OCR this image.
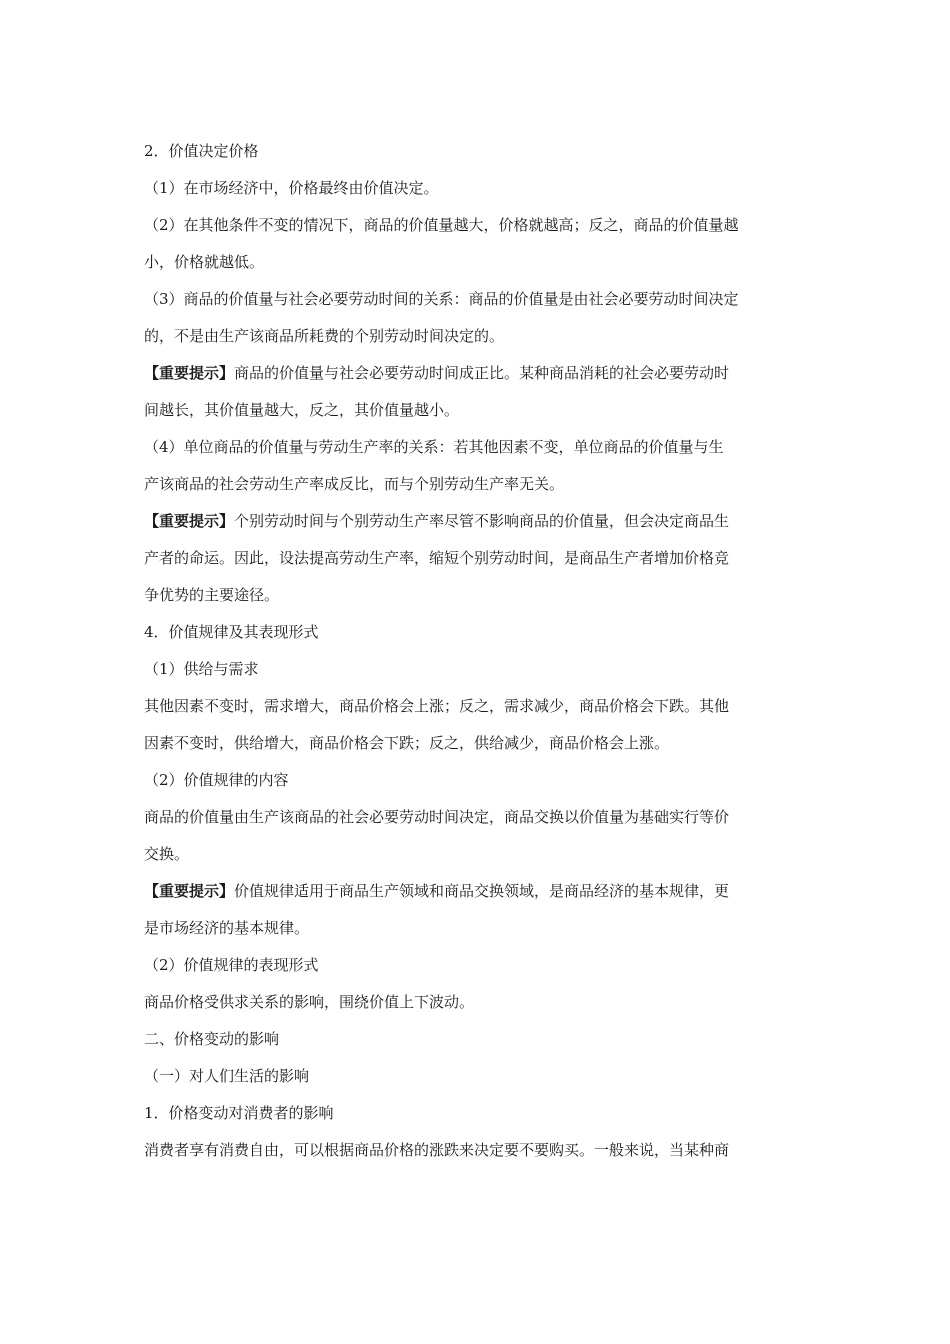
2．价值决定价格

（1）在市场经济中，价格最终由价值决定。

（2）在其他条件不变的情况下，商品的价值量越大，价格就越高；反之，商品的价值量越

小，价格就越低。

（3）商品的价值量与社会必要劳动时间的关系：商品的价值量是由社会必要劳动时间决定

的，不是由生产该商品所耗费的个别劳动时间决定的。

【重要提示】商品的价值量与社会必要劳动时间成正比。某种商品消耗的社会必要劳动时

间越长，其价值量越大，反之，其价值量越小。

（4）单位商品的价值量与劳动生产率的关系：若其他因素不变，单位商品的价值量与生

产该商品的社会劳动生产率成反比，而与个别劳动生产率无关。

【重要提示】个别劳动时间与个别劳动生产率尽管不影响商品的价值量，但会决定商品生

产者的命运。因此，设法提高劳动生产率，缩短个别劳动时间，是商品生产者增加价格竞

争优势的主要途径。

4．价值规律及其表现形式

（1）供给与需求

其他因素不变时，需求增大，商品价格会上涨；反之，需求减少，商品价格会下跌。其他

因素不变时，供给增大，商品价格会下跌；反之，供给减少，商品价格会上涨。

（2）价值规律的内容

商品的价值量由生产该商品的社会必要劳动时间决定，商品交换以价值量为基础实行等价

交换。

【重要提示】价值规律适用于商品生产领域和商品交换领域，是商品经济的基本规律，更

是市场经济的基本规律。

（2）价值规律的表现形式

商品价格受供求关系的影响，围绕价值上下波动。

二、价格变动的影响

（一）对人们生活的影响

1．价格变动对消费者的影响

消费者享有消费自由，可以根据商品价格的涨跌来决定要不要购买。一般来说，当某种商
